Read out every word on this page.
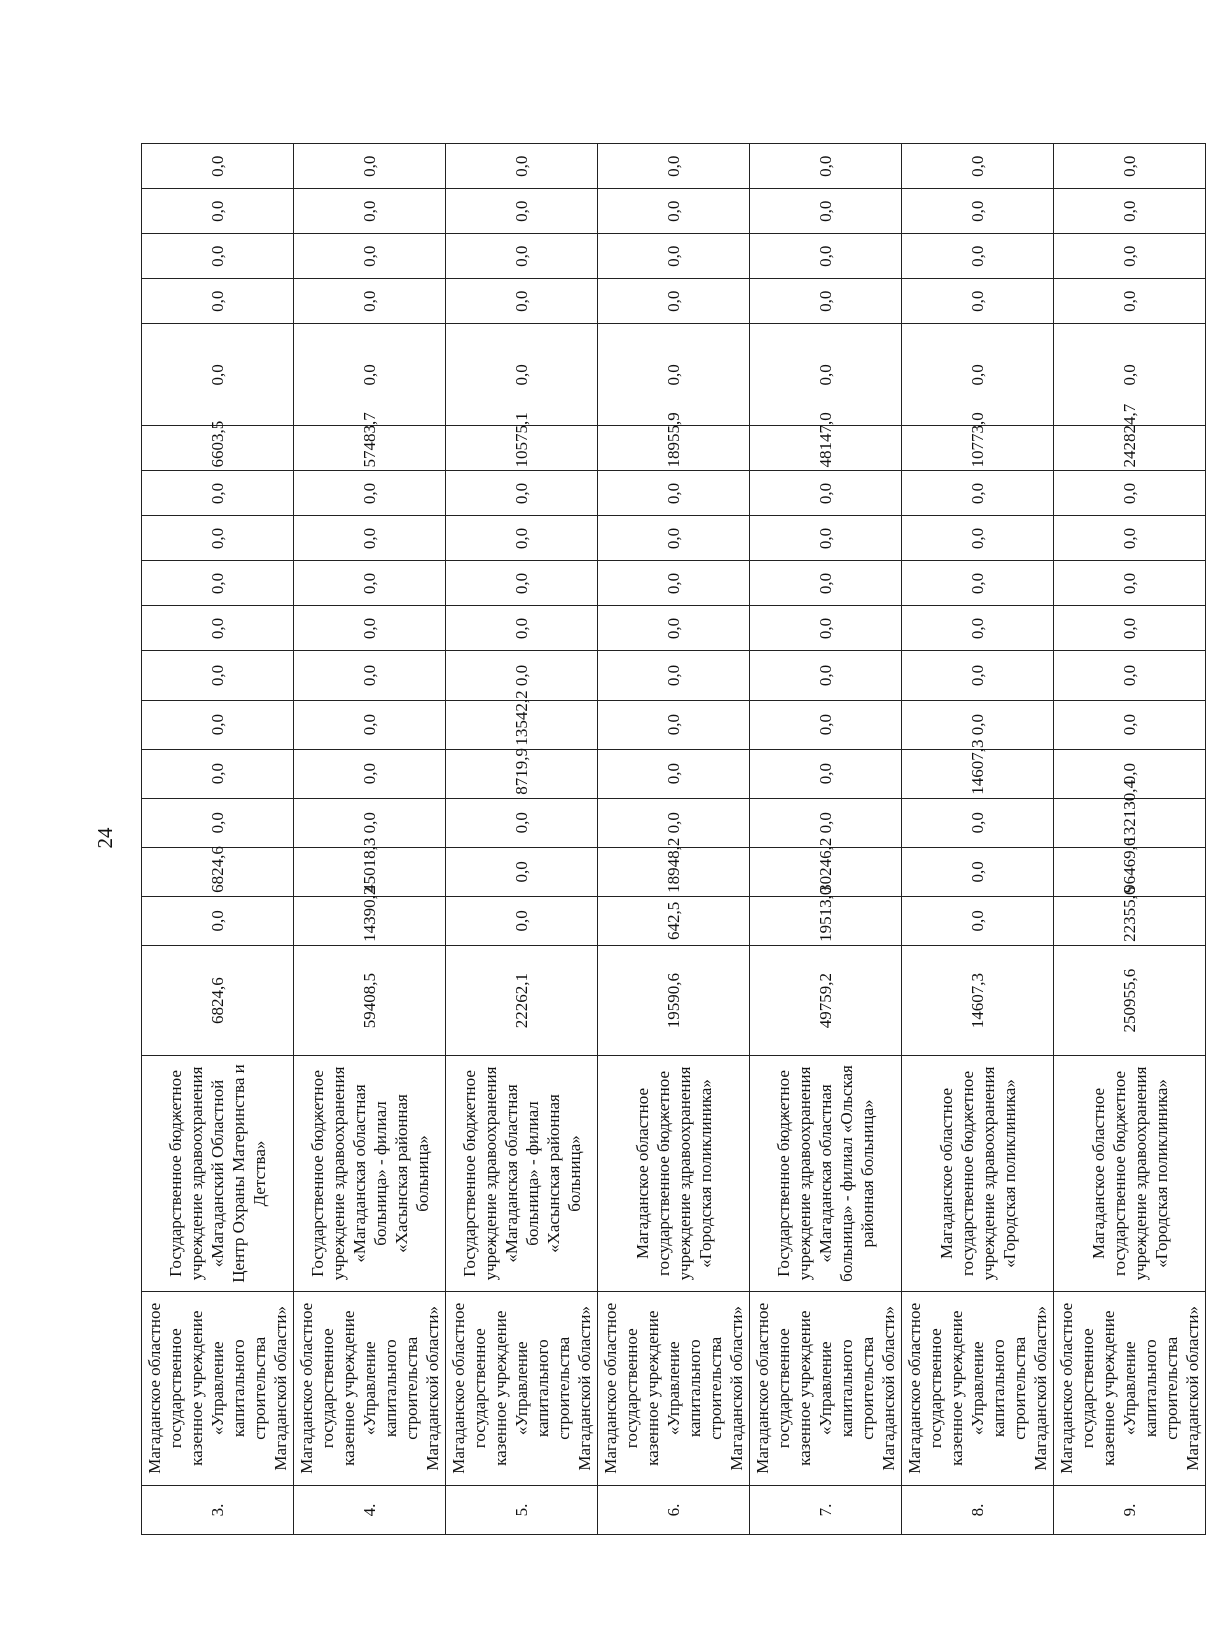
24
3.	Магаданское областное государственное казенное учреждение «Управление капитального строительства Магаданской области»	Государственное бюджетное учреждение здравоохранения «Магаданский Областной Центр Охраны Материнства и Детства»	6824,6	0,0	6824,6	0,0	0,0	0,0	0,0	0,0	0,0	0,0	0,0	6603,5	0,0	0,0	0,0	0,0	0,0
4.	Магаданское областное государственное казенное учреждение «Управление капитального строительства Магаданской области»	Государственное бюджетное учреждение здравоохранения «Магаданская областная больница» - филиал «Хасынская районная больница»	59408,5	14390,2	45018,3	0,0	0,0	0,0	0,0	0,0	0,0	0,0	0,0	57483,7	0,0	0,0	0,0	0,0	0,0
5.	Магаданское областное государственное казенное учреждение «Управление капитального строительства Магаданской области»	Государственное бюджетное учреждение здравоохранения «Магаданская областная больница» - филиал «Хасынская районная больница»	22262,1	0,0	0,0	0,0	8719,9	13542,2	0,0	0,0	0,0	0,0	0,0	10575,1	0,0	0,0	0,0	0,0	0,0
6.	Магаданское областное государственное казенное учреждение «Управление капитального строительства Магаданской области»	Магаданское областное государственное бюджетное учреждение здравоохранения «Городская поликлиника»	19590,6	642,5	18948,2	0,0	0,0	0,0	0,0	0,0	0,0	0,0	0,0	18955,9	0,0	0,0	0,0	0,0	0,0
7.	Магаданское областное государственное казенное учреждение «Управление капитального строительства Магаданской области»	Государственное бюджетное учреждение здравоохранения «Магаданская областная больница» - филиал «Ольская районная больница»	49759,2	19513,0	30246,2	0,0	0,0	0,0	0,0	0,0	0,0	0,0	0,0	48147,0	0,0	0,0	0,0	0,0	0,0
8.	Магаданское областное государственное казенное учреждение «Управление капитального строительства Магаданской области»	Магаданское областное государственное бюджетное учреждение здравоохранения «Городская поликлиника»	14607,3	0,0	0,0	0,0	14607,3	0,0	0,0	0,0	0,0	0,0	0,0	10773,0	0,0	0,0	0,0	0,0	0,0
9.	Магаданское областное государственное казенное учреждение «Управление капитального строительства Магаданской области»	Магаданское областное государственное бюджетное учреждение здравоохранения «Городская поликлиника»	250955,6	22355,6	96469,6	132130,4	0,0	0,0	0,0	0,0	0,0	0,0	0,0	242824,7	0,0	0,0	0,0	0,0	0,0
